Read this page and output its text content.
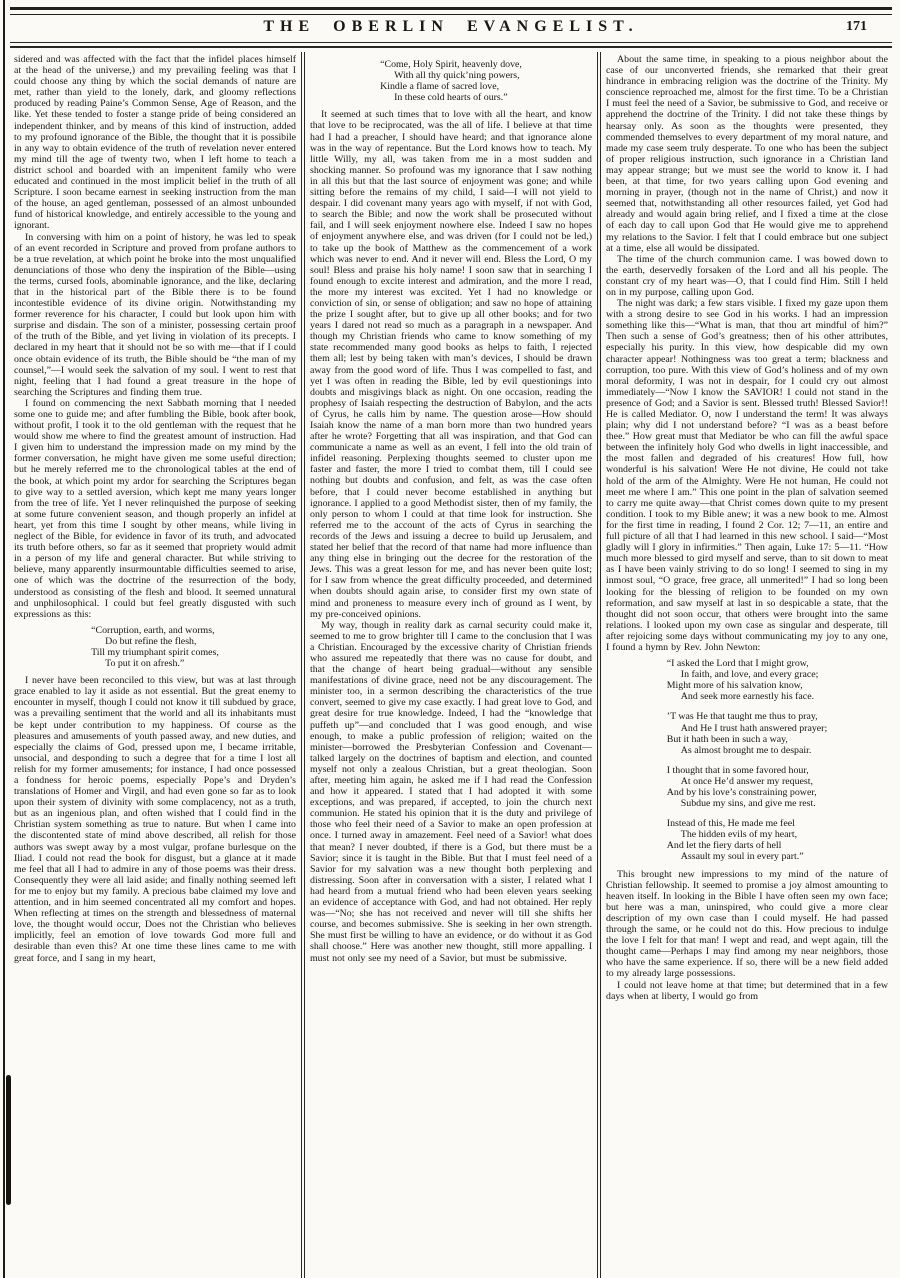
THE OBERLIN EVANGELIST.	171

sidered and was affected with the fact that the infidel places himself at the head of the universe,) and my prevailing feeling was that I could choose any thing by which the social demands of nature are met, rather than yield to the lonely, dark, and gloomy reflections produced by reading Paine’s Common Sense, Age of Reason, and the like. Yet these tended to foster a stange pride of being considered an independent thinker, and by means of this kind of instruction, added to my profound ignorance of the Bible, the thought that it is possibile in any way to obtain evidence of the truth of revelation never entered my mind till the age of twenty two, when I left home to teach a district school and boarded with an impenitent family who were educated and continued in the most implicit belief in the truth of all Scripture. I soon became earnest in seeking instruction from the man of the house, an aged gentleman, possessed of an almost unbounded fund of historical knowledge, and entirely accessible to the young and ignorant.

In conversing with him on a point of history, he was led to speak of an event recorded in Scripture and proved from profane authors to be a true revelation, at which point he broke into the most unqualified denunciations of those who deny the inspiration of the Bible—using the terms, cursed fools, abominable ignorance, and the like, declaring that in the historical part of the Bible there is to be found incontestible evidence of its divine origin. Notwithstanding my former reverence for his character, I could but look upon him with surprise and disdain. The son of a minister, possessing certain proof of the truth of the Bible, and yet living in violation of its precepts. I declared in my heart that it should not be so with me—that if I could once obtain evidence of its truth, the Bible should be “the man of my counsel,”—I would seek the salvation of my soul. I went to rest that night, feeling that I had found a great treasure in the hope of searching the Scriptures and finding them true.

I found on commencing the next Sabbath morning that I needed some one to guide me; and after fumbling the Bible, book after book, without profit, I took it to the old gentleman with the request that he would show me where to find the greatest amount of instruction. Had I given him to understand the impression made on my mind by the former conversation, he might have given me some useful direction; but he merely referred me to the chronological tables at the end of the book, at which point my ardor for searching the Scriptures began to give way to a settled aversion, which kept me many years longer from the tree of life. Yet I never relinquished the purpose of seeking at some future convenient season, and though properly an infidel at heart, yet from this time I sought by other means, while living in neglect of the Bible, for evidence in favor of its truth, and advocated its truth before others, so far as it seemed that propriety would admit in a person of my life and general character. But while striving to believe, many apparently insurmountable difficulties seemed to arise, one of which was the doctrine of the resurrection of the body, understood as consisting of the flesh and blood. It seemed unnatural and unphilosophical. I could but feel greatly disgusted with such expressions as this:

“Corruption, earth, and worms,
Do but refine the flesh,
Till my triumphant spirit comes,
To put it on afresh.”

I never have been reconciled to this view, but was at last through grace enabled to lay it aside as not essential. But the great enemy to encounter in myself, though I could not know it till subdued by grace, was a prevailing sentiment that the world and all its inhabitants must be kept under contribution to my happiness. Of course as the pleasures and amusements of youth passed away, and new duties, and especially the claims of God, pressed upon me, I became irritable, unsocial, and desponding to such a degree that for a time I lost all relish for my former amusements; for instance, I had once possessed a fondness for heroic poems, especially Pope’s and Dryden’s translations of Homer and Virgil, and had even gone so far as to look upon their system of divinity with some complacency, not as a truth, but as an ingenious plan, and often wished that I could find in the Christian system something as true to nature. But when I came into the discontented state of mind above described, all relish for those authors was swept away by a most vulgar, profane burlesque on the Iliad. I could not read the book for disgust, but a glance at it made me feel that all I had to admire in any of those poems was their dress. Consequently they were all laid aside; and finally nothing seemed left for me to enjoy but my family. A precious babe claimed my love and attention, and in him seemed concentrated all my comfort and hopes. When reflecting at times on the strength and blessedness of maternal love, the thought would occur, Does not the Christian who believes implicitly, feel an emotion of love towards God more full and desirable than even this? At one time these lines came to me with great force, and I sang in my heart,

“Come, Holy Spirit, heavenly dove,
With all thy quick’ning powers,
Kindle a flame of sacred love,
In these cold hearts of ours.”

It seemed at such times that to love with all the heart, and know that love to be reciprocated, was the all of life. I believe at that time had I had a preacher, I should have heard; and that ignorance alone was in the way of repentance. But the Lord knows how to teach. My little Willy, my all, was taken from me in a most sudden and shocking manner. So profound was my ignorance that I saw nothing in all this but that the last source of enjoyment was gone; and while sitting before the remains of my child, I said—I will not yield to despair. I did covenant many years ago with myself, if not with God, to search the Bible; and now the work shall be prosecuted without fail, and I will seek enjoyment nowhere else. Indeed I saw no hopes of enjoyment anywhere else, and was driven (for I could not be led,) to take up the book of Matthew as the commencement of a work which was never to end. And it never will end. Bless the Lord, O my soul! Bless and praise his holy name! I soon saw that in searching I found enough to excite interest and admiration, and the more I read, the more my interest was excited. Yet I had no knowledge or conviction of sin, or sense of obligation; and saw no hope of attaining the prize I sought after, but to give up all other books; and for two years I dared not read so much as a paragraph in a newspaper. And though my Christian friends who came to know something of my state recommended many good books as helps to faith, I rejected them all; lest by being taken with man’s devices, I should be drawn away from the good word of life. Thus I was compelled to fast, and yet I was often in reading the Bible, led by evil questionings into doubts and misgivings black as night. On one occasion, reading the prophesy of Isaiah respecting the destruction of Babylon, and the acts of Cyrus, he calls him by name. The question arose—How should Isaiah know the name of a man born more than two hundred years after he wrote? Forgetting that all was inspiration, and that God can communicate a name as well as an event, I fell into the old train of infidel reasoning. Perplexing thoughts seemed to cluster upon me faster and faster, the more I tried to combat them, till I could see nothing but doubts and confusion, and felt, as was the case often before, that I could never become established in anything but ignorance. I applied to a good Methodist sister, then of my family, the only person to whom I could at that time look for instruction. She referred me to the account of the acts of Cyrus in searching the records of the Jews and issuing a decree to build up Jerusalem, and stated her belief that the record of that name had more influence than any thing else in bringing out the decree for the restoration of the Jews. This was a great lesson for me, and has never been quite lost; for I saw from whence the great difficulty proceeded, and determined when doubts should again arise, to consider first my own state of mind and proneness to measure every inch of ground as I went, by my pre-conceived opinions.

My way, though in reality dark as carnal security could make it, seemed to me to grow brighter till I came to the conclusion that I was a Christian. Encouraged by the excessive charity of Christian friends who assured me repeatedly that there was no cause for doubt, and that the change of heart being gradual—without any sensible manifestations of divine grace, need not be any discouragement. The minister too, in a sermon describing the characteristics of the true convert, seemed to give my case exactly. I had great love to God, and great desire for true knowledge. Indeed, I had the “knowledge that puffeth up”—and concluded that I was good enough, and wise enough, to make a public profession of religion; waited on the minister—borrowed the Presbyterian Confession and Covenant—talked largely on the doctrines of baptism and election, and counted myself not only a zealous Christian, but a great theologian. Soon after, meeting him again, he asked me if I had read the Confession and how it appeared. I stated that I had adopted it with some exceptions, and was prepared, if accepted, to join the church next communion. He stated his opinion that it is the duty and privilege of those who feel their need of a Savior to make an open profession at once. I turned away in amazement. Feel need of a Savior! what does that mean? I never doubted, if there is a God, but there must be a Savior; since it is taught in the Bible. But that I must feel need of a Savior for my salvation was a new thought both perplexing and distressing. Soon after in conversation with a sister, I related what I had heard from a mutual friend who had been eleven years seeking an evidence of acceptance with God, and had not obtained. Her reply was—“No; she has not received and never will till she shifts her course, and becomes submissive. She is seeking in her own strength. She must first be willing to have an evidence, or do without it as God shall choose.” Here was another new thought, still more appalling. I must not only see my need of a Savior, but must be submissive.

About the same time, in speaking to a pious neighbor about the case of our unconverted friends, she remarked that their great hindrance in embracing religion was the doctrine of the Trinity. My conscience reproached me, almost for the first time. To be a Christian I must feel the need of a Savior, be submissive to God, and receive or apprehend the doctrine of the Trinity. I did not take these things by hearsay only. As soon as the thoughts were presented, they commended themselves to every department of my moral nature, and made my case seem truly desperate. To one who has been the subject of proper religious instruction, such ignorance in a Christian land may appear strange; but we must see the world to know it. I had been, at that time, for two years calling upon God evening and morning in prayer, (though not in the name of Christ,) and now it seemed that, notwithstanding all other resources failed, yet God had already and would again bring relief, and I fixed a time at the close of each day to call upon God that He would give me to apprehend my relations to the Savior. I felt that I could embrace but one subject at a time, else all would be dissipated.

The time of the church communion came. I was bowed down to the earth, deservedly forsaken of the Lord and all his people. The constant cry of my heart was—O, that I could find Him. Still I held on in my purpose, calling upon God.

The night was dark; a few stars visible. I fixed my gaze upon them with a strong desire to see God in his works. I had an impression something like this—“What is man, that thou art mindful of him?” Then such a sense of God’s greatness; then of his other attributes, especially his purity. In this view, how despicable did my own character appear! Nothingness was too great a term; blackness and corruption, too pure. With this view of God’s holiness and of my own moral deformity, I was not in despair, for I could cry out almost immediately—“Now I know the SAVIOR! I could not stand in the presence of God; and a Savior is sent. Blessed truth! Blessed Savior!! He is called Mediator. O, now I understand the term! It was always plain; why did I not understand before? “I was as a beast before thee.” How great must that Mediator be who can fill the awful space between the infinitely holy God who dwells in light inaccessible, and the most fallen and degraded of his creatures! How full, how wonderful is his salvation! Were He not divine, He could not take hold of the arm of the Almighty. Were He not human, He could not meet me where I am.” This one point in the plan of salvation seemed to carry me quite away—that Christ comes down quite to my present condition. I took to my Bible anew; it was a new book to me. Almost for the first time in reading, I found 2 Cor. 12; 7—11, an entire and full picture of all that I had learned in this new school. I said—“Most gladly will I glory in infirmities.” Then again, Luke 17: 5—11. “How much more blessed to gird myself and serve, than to sit down to meat as I have been vainly striving to do so long! I seemed to sing in my inmost soul, “O grace, free grace, all unmerited!” I had so long been looking for the blessing of religion to be founded on my own reformation, and saw myself at last in so despicable a state, that the thought did not soon occur, that others were brought into the same relations. I looked upon my own case as singular and desperate, till after rejoicing some days without communicating my joy to any one, I found a hymn by Rev. John Newton:

“I asked the Lord that I might grow,
In faith, and love, and every grace;
Might more of his salvation know,
And seek more earnestly his face.
’T was He that taught me thus to pray,
And He I trust hath answered prayer;
But it hath been in such a way,
As almost brought me to despair.
I thought that in some favored hour,
At once He’d answer my request,
And by his love’s constraining power,
Subdue my sins, and give me rest.
Instead of this, He made me feel
The hidden evils of my heart,
And let the fiery darts of hell
Assault my soul in every part.”

This brought new impressions to my mind of the nature of Christian fellowship. It seemed to promise a joy almost amounting to heaven itself. In looking in the Bible I have often seen my own face; but here was a man, uninspired, who could give a more clear description of my own case than I could myself. He had passed through the same, or he could not do this. How precious to indulge the love I felt for that man! I wept and read, and wept again, till the thought came—Perhaps I may find among my near neighbors, those who have the same experience. If so, there will be a new field added to my already large possessions.

I could not leave home at that time; but determined that in a few days when at liberty, I would go from
